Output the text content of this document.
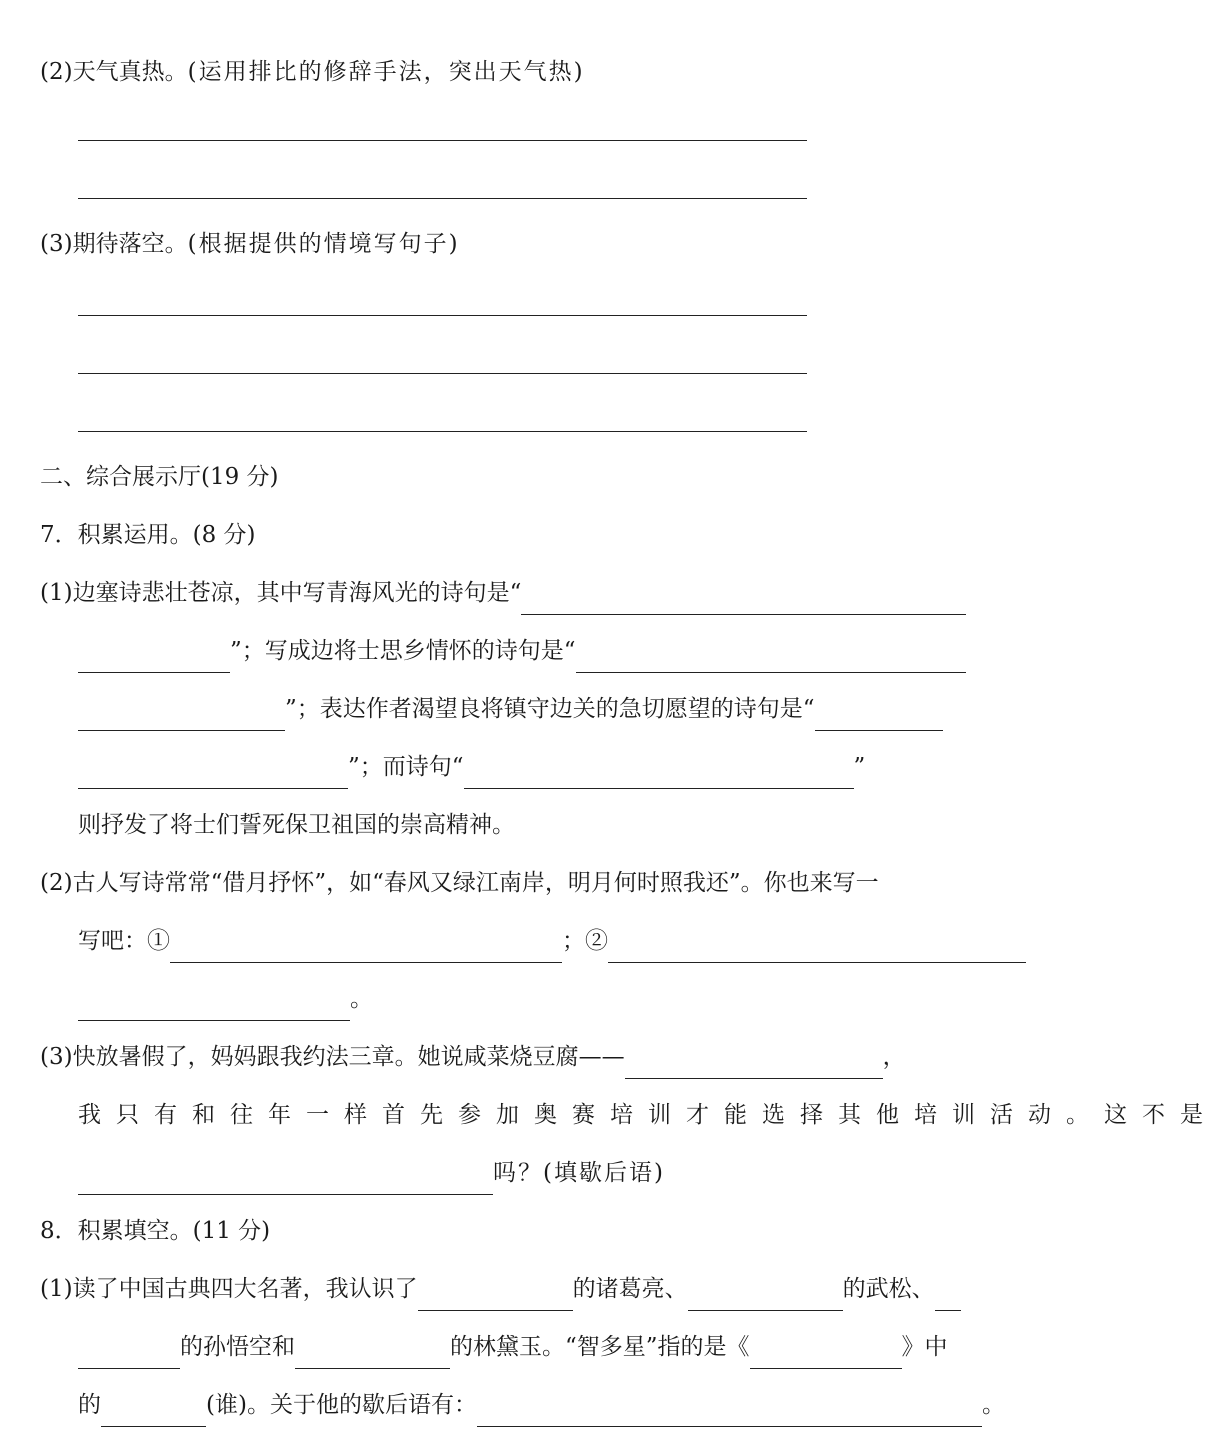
(2)天气真热。(运用排比的修辞手法，突出天气热)
(3)期待落空。(根据提供的情境写句子)
二、综合展示厅(19 分)
7．积累运用。(8 分)
(1)边塞诗悲壮苍凉，其中写青海风光的诗句是“
”；写成边将士思乡情怀的诗句是“
”；表达作者渴望良将镇守边关的急切愿望的诗句是“
”；而诗句“	”
则抒发了将士们誓死保卫祖国的崇高精神。
(2)古人写诗常常“借月抒怀”，如“春风又绿江南岸，明月何时照我还”。你也来写一
写吧：①	；②
。
(3)快放暑假了，妈妈跟我约法三章。她说咸菜烧豆腐——	，
我只有和往年一样首先参加奥赛培训才能选择其他培训活动。这不是
吗？(填歇后语)
8．积累填空。(11 分)
(1)读了中国古典四大名著，我认识了	的诸葛亮、	的武松、
的孙悟空和	的林黛玉。“智多星”指的是《	》中
的	(谁)。关于他的歇后语有：	。
